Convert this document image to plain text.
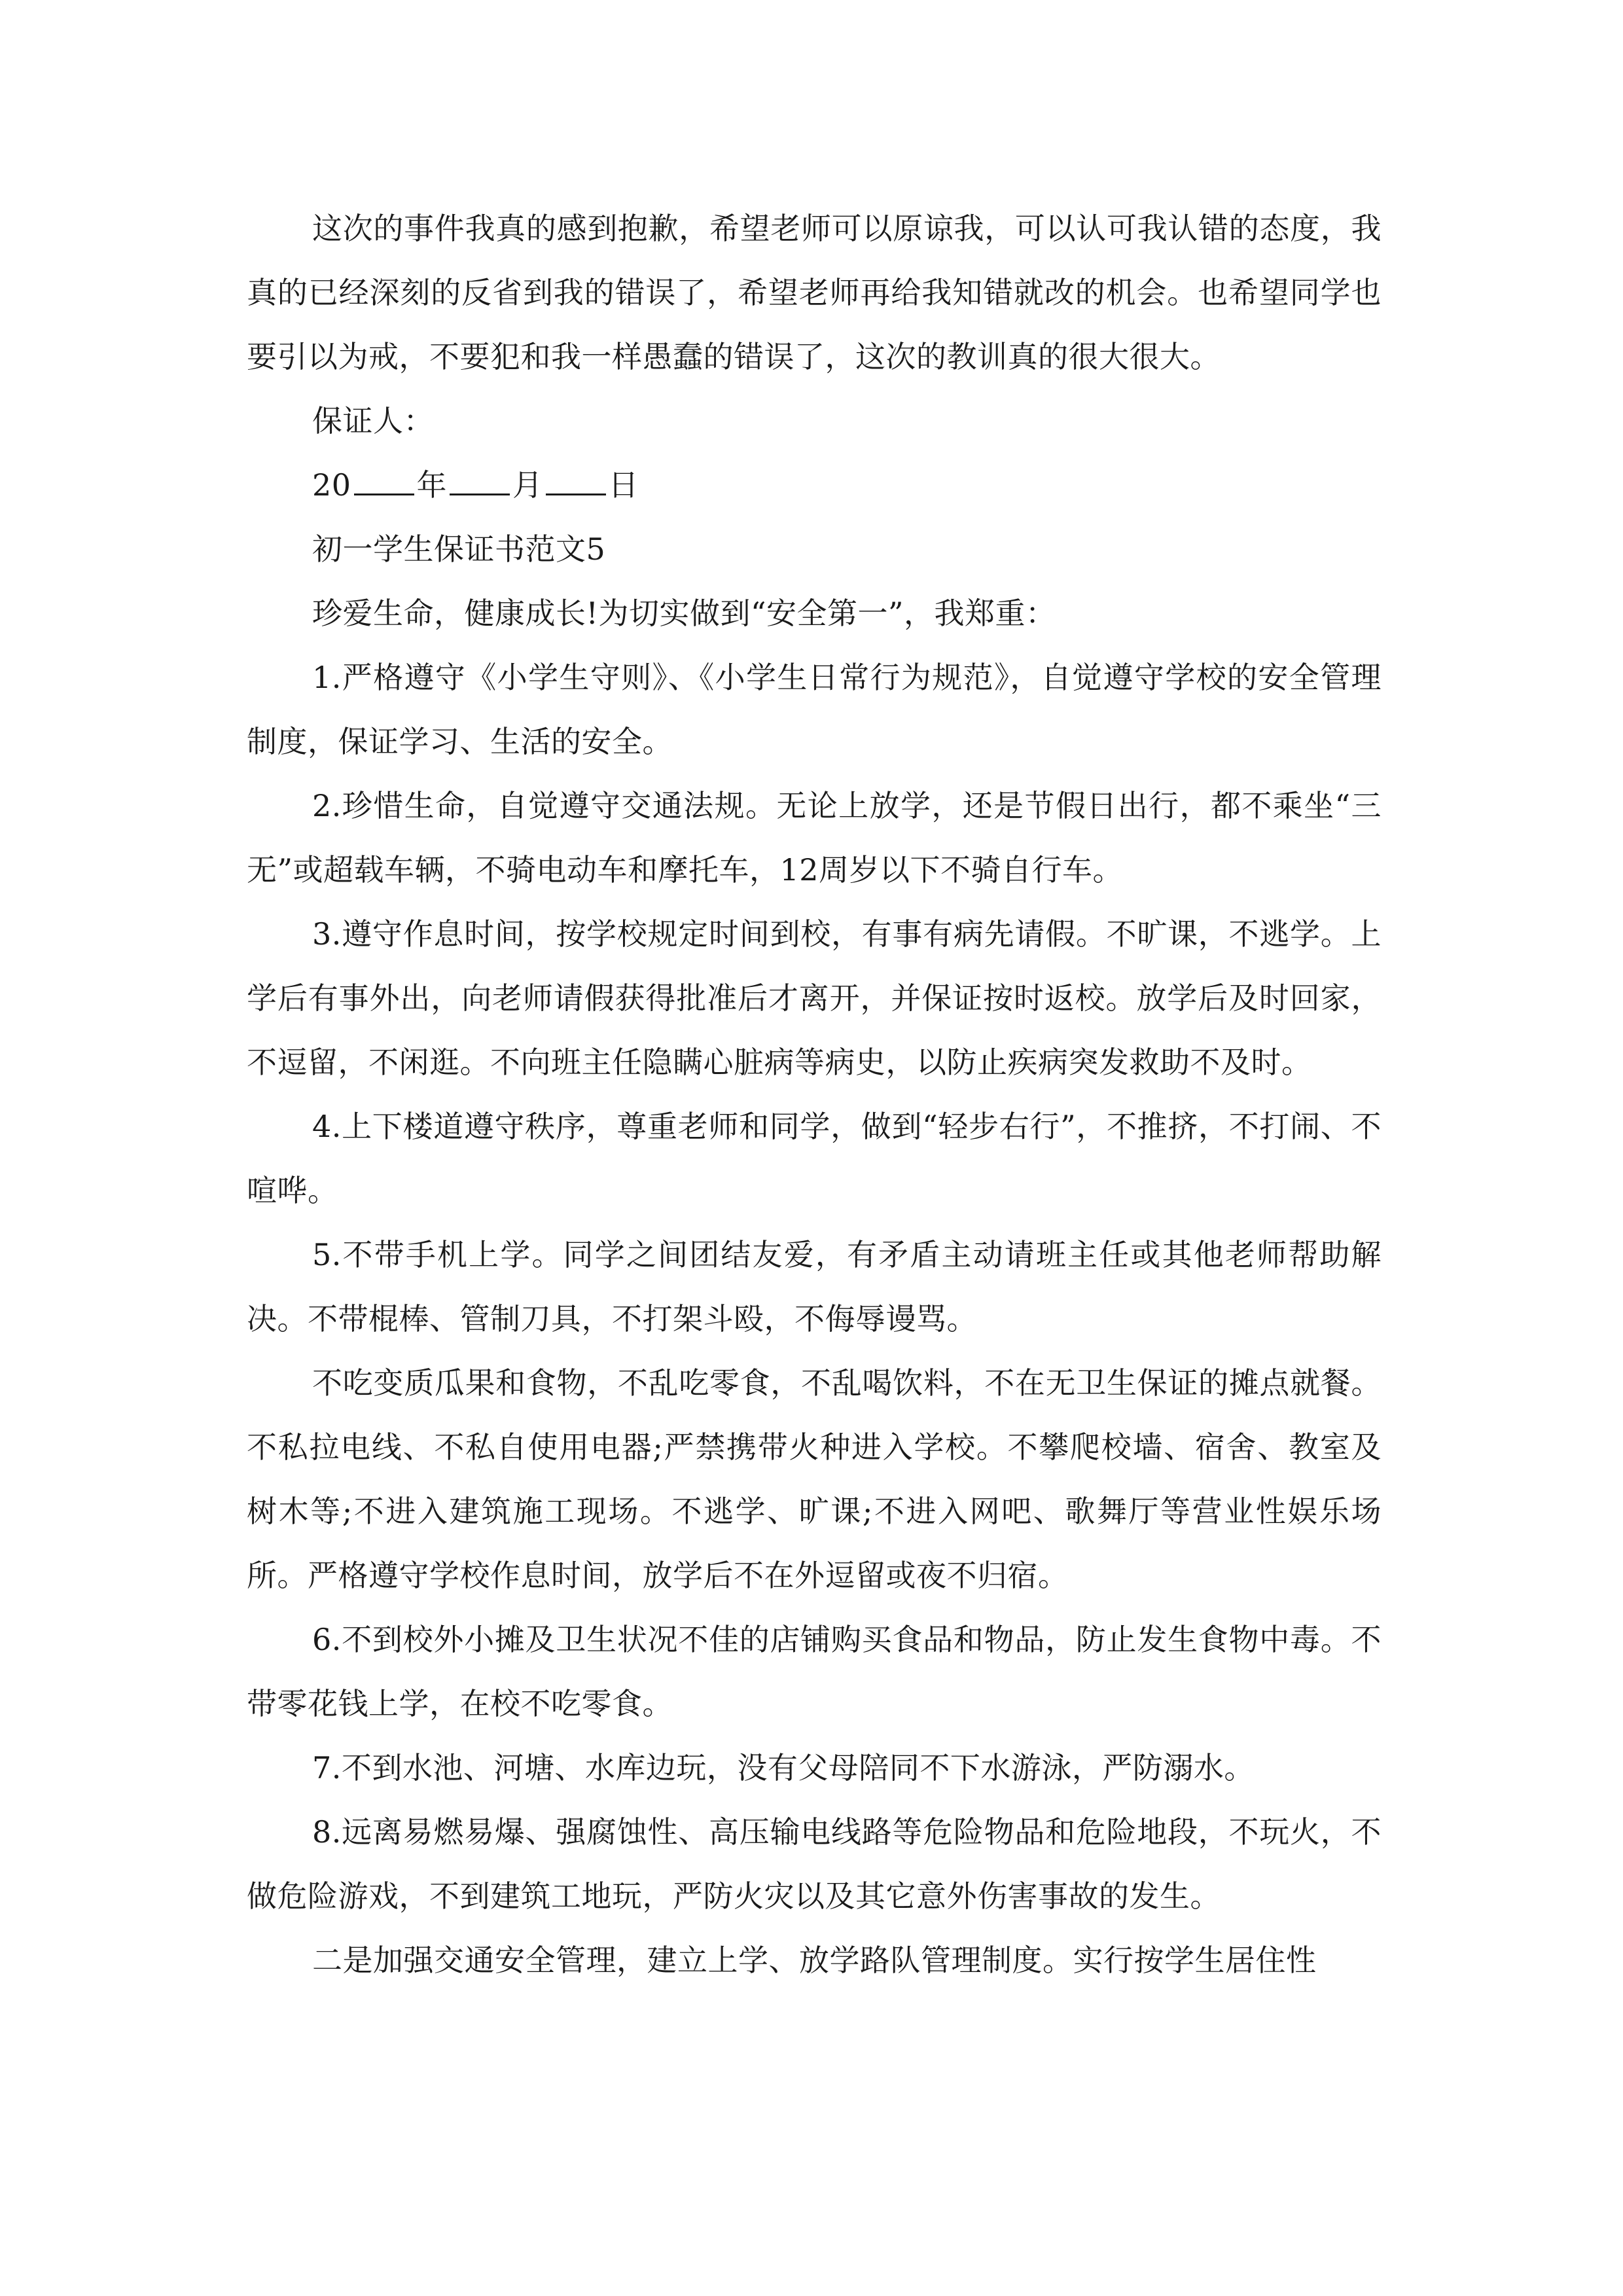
这次的事件我真的感到抱歉，希望老师可以原谅我，可以认可我认错的态度，我真的已经深刻的反省到我的错误了，希望老师再给我知错就改的机会。也希望同学也要引以为戒，不要犯和我一样愚蠢的错误了，这次的教训真的很大很大。

保证人：

20 年 月 日

初一学生保证书范文5

珍爱生命，健康成长!为切实做到“安全第一”，我郑重：

1.严格遵守《小学生守则》、《小学生日常行为规范》，自觉遵守学校的安全管理制度，保证学习、生活的安全。

2.珍惜生命，自觉遵守交通法规。无论上放学，还是节假日出行，都不乘坐“三无”或超载车辆，不骑电动车和摩托车，12周岁以下不骑自行车。

3.遵守作息时间，按学校规定时间到校，有事有病先请假。不旷课，不逃学。上学后有事外出，向老师请假获得批准后才离开，并保证按时返校。放学后及时回家，不逗留，不闲逛。不向班主任隐瞒心脏病等病史，以防止疾病突发救助不及时。

4.上下楼道遵守秩序，尊重老师和同学，做到“轻步右行”，不推挤，不打闹、不喧哗。

5.不带手机上学。同学之间团结友爱，有矛盾主动请班主任或其他老师帮助解决。不带棍棒、管制刀具，不打架斗殴，不侮辱谩骂。

不吃变质瓜果和食物，不乱吃零食，不乱喝饮料，不在无卫生保证的摊点就餐。不私拉电线、不私自使用电器;严禁携带火种进入学校。不攀爬校墙、宿舍、教室及树木等;不进入建筑施工现场。不逃学、旷课;不进入网吧、歌舞厅等营业性娱乐场所。严格遵守学校作息时间，放学后不在外逗留或夜不归宿。

6.不到校外小摊及卫生状况不佳的店铺购买食品和物品，防止发生食物中毒。不带零花钱上学，在校不吃零食。

7.不到水池、河塘、水库边玩，没有父母陪同不下水游泳，严防溺水。

8.远离易燃易爆、强腐蚀性、高压输电线路等危险物品和危险地段，不玩火，不做危险游戏，不到建筑工地玩，严防火灾以及其它意外伤害事故的发生。

二是加强交通安全管理，建立上学、放学路队管理制度。实行按学生居住性
